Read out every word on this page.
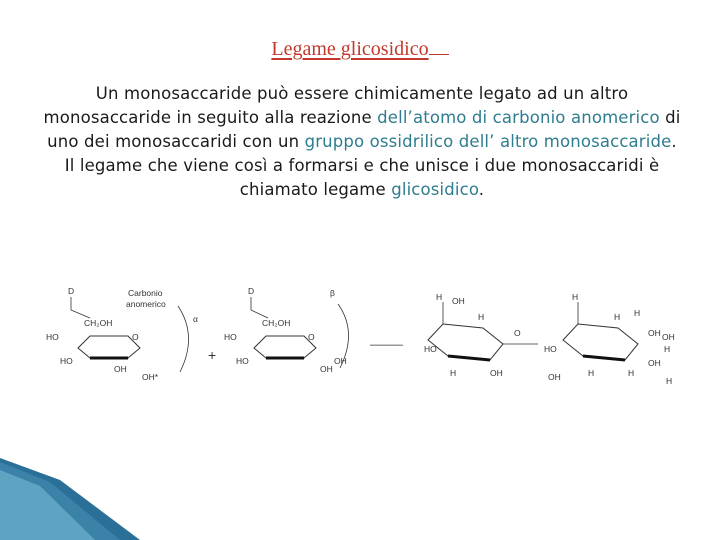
Legame glicosidico
Un monosaccaride può essere chimicamente legato ad un altro monosaccaride in seguito alla reazione dell’atomo di carbonio anomerico di uno dei monosaccaridi con un gruppo ossidrilico dell’ altro monosaccaride. Il legame che viene così a formarsi e che unisce i due monosaccaridi è chiamato legame glicosidico.
D	Carbonio
anomerico
α
CH₂OH
O
HO
HO
OH
OH*
+
D	β
CH₂OH
O
HO
HO
OH
OH
———
OH
H
H
HO
H	OH
O
OH
H
HO
H	H
OH
OH
H H
H
H
OH
